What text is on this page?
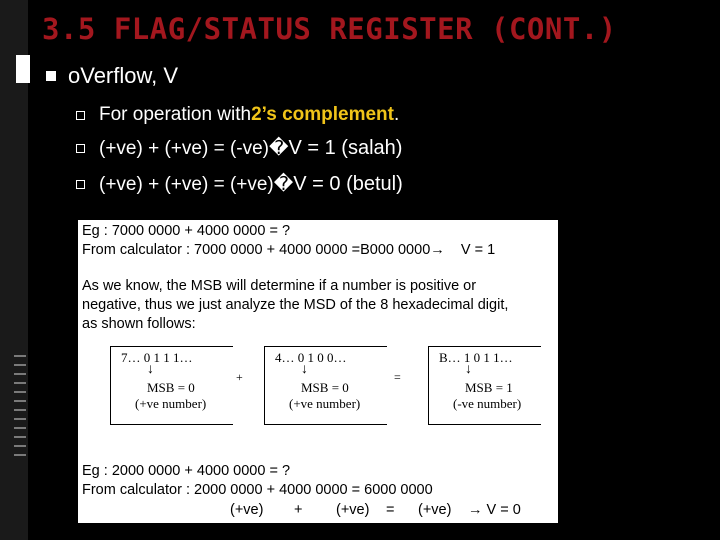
3.5 FLAG/STATUS REGISTER (CONT.)
oVerflow, V
For operation with 2’s complement .
(+ve) + (+ve) = (-ve) � V = 1 (salah)
(+ve) + (+ve) = (+ve) � V = 0 (betul)
Eg : 7000 0000 + 4000 0000 = ?
From calculator : 7000 0000 + 4000 0000 =B000 0000→ V = 1
As we know, the MSB will determine if a number is positive or
negative, thus we just analyze the MSD of the 8 hexadecimal digit,
as shown follows:
7… 0 1 1 1…
↓
MSB = 0
(+ve number)
+
4… 0 1 0 0…
↓
MSB = 0
(+ve number)
=
B… 1 0 1 1…
↓
MSB = 1
(-ve number)
Eg : 2000 0000 + 4000 0000 = ?
From calculator : 2000 0000 + 4000 0000 = 6000 0000
(+ve) + (+ve) = (+ve) → V = 0
